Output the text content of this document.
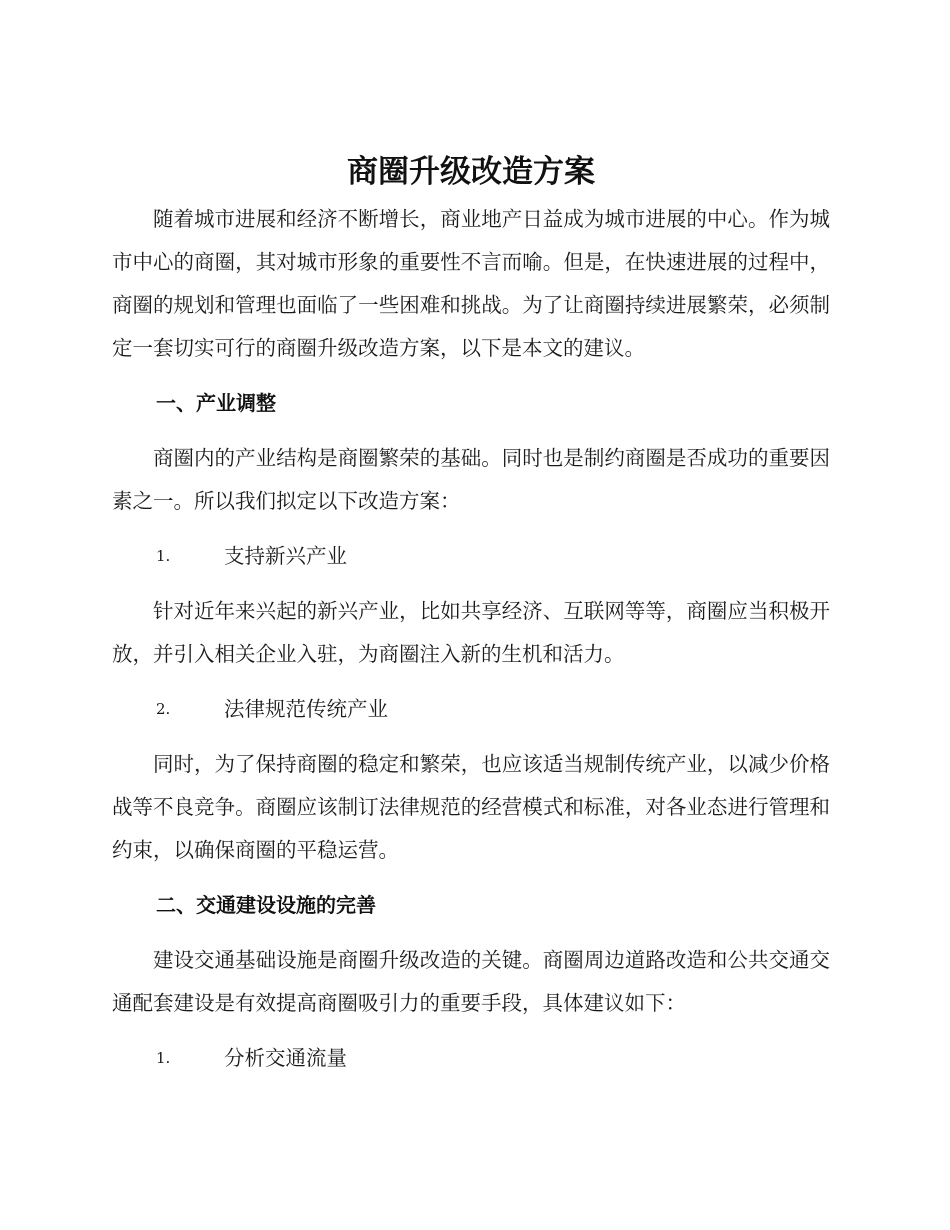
商圈升级改造方案

随着城市进展和经济不断增长，商业地产日益成为城市进展的中心。作为城市中心的商圈，其对城市形象的重要性不言而喻。但是，在快速进展的过程中，商圈的规划和管理也面临了一些困难和挑战。为了让商圈持续进展繁荣，必须制定一套切实可行的商圈升级改造方案，以下是本文的建议。

一、产业调整

商圈内的产业结构是商圈繁荣的基础。同时也是制约商圈是否成功的重要因素之一。所以我们拟定以下改造方案：

1.	支持新兴产业

针对近年来兴起的新兴产业，比如共享经济、互联网等等，商圈应当积极开放，并引入相关企业入驻，为商圈注入新的生机和活力。

2.	法律规范传统产业

同时，为了保持商圈的稳定和繁荣，也应该适当规制传统产业，以减少价格战等不良竞争。商圈应该制订法律规范的经营模式和标准，对各业态进行管理和约束，以确保商圈的平稳运营。

二、交通建设设施的完善

建设交通基础设施是商圈升级改造的关键。商圈周边道路改造和公共交通交通配套建设是有效提高商圈吸引力的重要手段，具体建议如下：

1.	分析交通流量
